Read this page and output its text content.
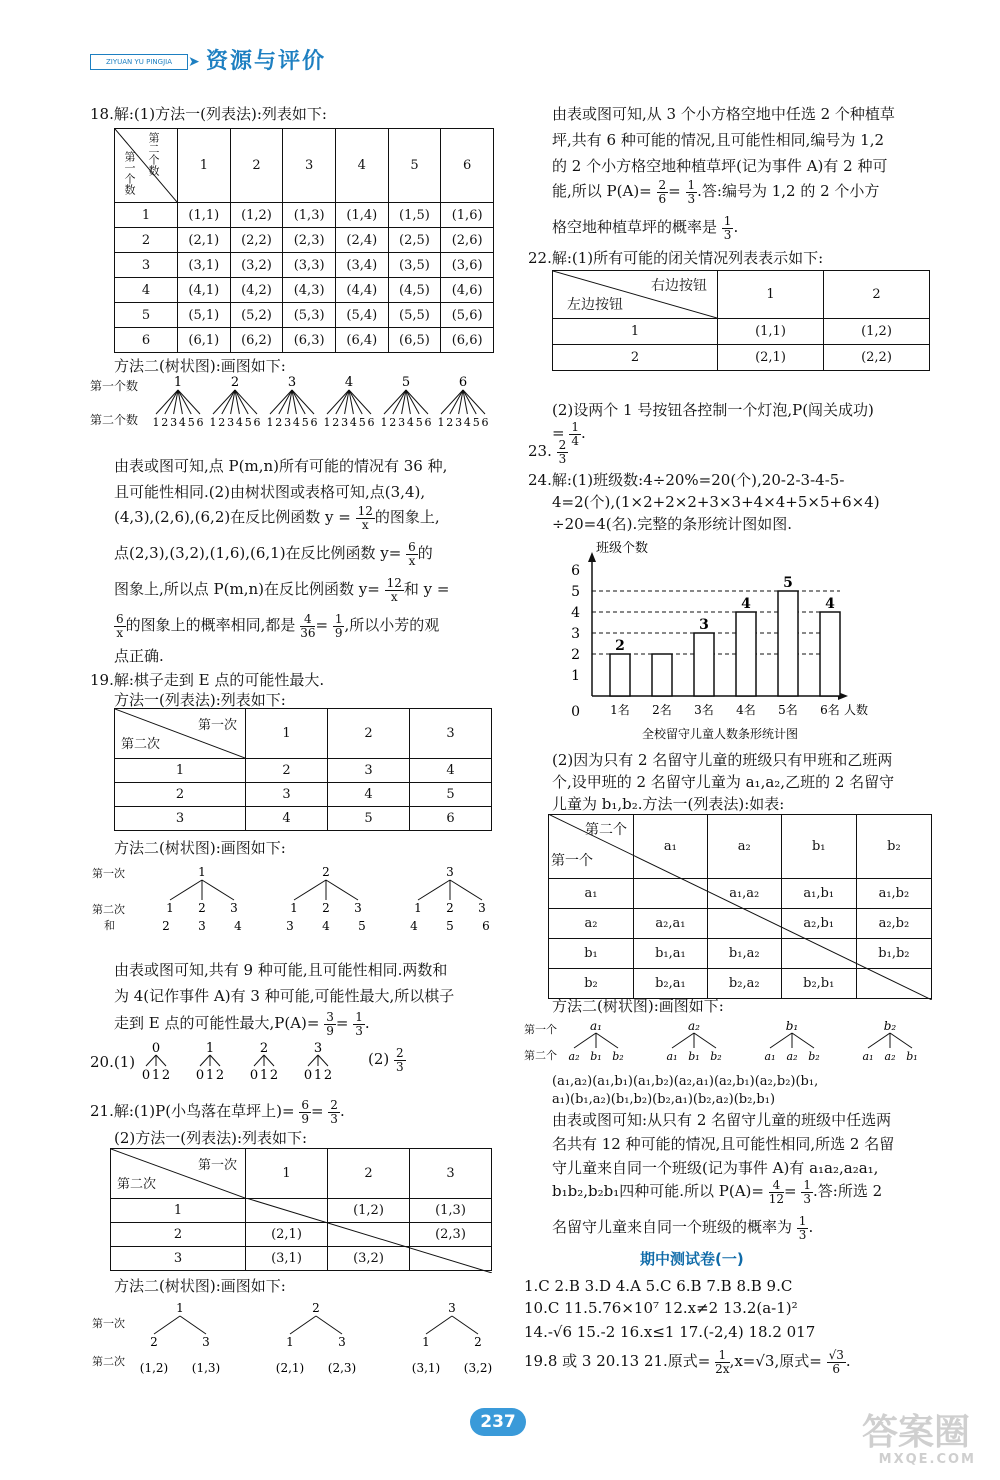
ZIYUAN YU PINGJIA	➤ 资源与评价
18.解:(1)方法一(列表法):列表如下:
第二个数
第一个数	1	2	3	4	5	6
1	(1,1)	(1,2)	(1,3)	(1,4)	(1,5)	(1,6)
2	(2,1)	(2,2)	(2,3)	(2,4)	(2,5)	(2,6)
3	(3,1)	(3,2)	(3,3)	(3,4)	(3,5)	(3,6)
4	(4,1)	(4,2)	(4,3)	(4,4)	(4,5)	(4,6)
5	(5,1)	(5,2)	(5,3)	(5,4)	(5,5)	(5,6)
6	(6,1)	(6,2)	(6,3)	(6,4)	(6,5)	(6,6)
方法二(树状图):画图如下:
第一个数
第二个数
1
1 2 3 4 5 6
2
1 2 3 4 5 6
3
1 2 3 4 5 6
4
1 2 3 4 5 6
5
1 2 3 4 5 6
6
1 2 3 4 5 6
由表或图可知,点 P(m,n)所有可能的情况有 36 种,
且可能性相同.(2)由树状图或表格可知,点(3,4),
(4,3),(2,6),(6,2)在反比例函数 $y = \frac{12}{x}$ 的图象上,
点(2,3),(3,2),(1,6),(6,1)在反比例函数 $y= \frac{6}{x}$ 的
图象上,所以点 P(m,n)在反比例函数 $y= \frac{12}{x}$ 和 y =
$\frac{6}{x}$ 的图象上的概率相同,都是 $\frac{4}{36} = \frac{1}{9}$ ,所以小芳的观
点正确.
19.解:棋子走到 E 点的可能性最大.
方法一(列表法):列表如下:
第一次
第二次	1	2	3
1	2	3	4
2	3	4	5
3	4	5	6
方法二(树状图):画图如下:
第一次
第二次
和
1
1
2
2
3
3
4
2
1
3
2
4
3
5
3
1
4
2
5
3
6
由表或图可知,共有 9 种可能,且可能性相同.两数和
为 4(记作事件 A)有 3 种可能,可能性最大,所以棋子
走到 E 点的可能性最大$,P(A)= \frac{3}{9} = \frac{1}{3}$ .
20.(1)
0
0 1 2
1
0 1 2
2
0 1 2
3
0 1 2
$(2) \frac{2}{3}$
21.解:(1)P(小鸟落在草坪上)= $\frac{6}{9} = \frac{2}{3}$ .
(2)方法一(列表法):列表如下:
第一次
第二次	1	2	3
1		(1,2)	(1,3)
2	(2,1)		(2,3)
3	(3,1)	(3,2)	
方法二(树状图):画图如下:
第一次
第二次
1
2
(1,2)
3
(1,3)
2
1
(2,1)
3
(2,3)
3
1
(3,1)
2
(3,2)
由表或图可知,从 3 个小方格空地中任选 2 个种植草
坪,共有 6 种可能的情况,且可能性相同,编号为 1,2
的 2 个小方格空地种植草坪(记为事件 A)有 2 种可
能,所以 $P(A)= \frac{2}{6} = \frac{1}{3}$ .答:编号为 1,2 的 2 个小方
格空地种植草坪的概率是 $\frac{1}{3}$ .
22.解:(1)所有可能的闭关情况列表表示如下:
右边按钮
左边按钮	1	2
1	(1,1)	(1,2)
2	(2,1)	(2,2)
(2)设两个 1 号按钮各控制一个灯泡,P(闯关成功)
= $\frac{1}{4}$ .
23. $\frac{2}{3}$
24.解:(1)班级数:4÷20%=20(个),20-2-3-4-5-
4=2(个),(1×2+2×2+3×3+4×4+5×5+6×4)
÷20=4(名).完整的条形统计图如图.
班级个数
0
1
2
3
4
5
6
2
1名 2名
3
3名
4
4名
5
5名
4
6名 人数
全校留守儿童人数条形统计图
(2)因为只有 2 名留守儿童的班级只有甲班和乙班两
个,设甲班的 2 名留守儿童为 a₁,a₂,乙班的 2 名留守
儿童为 b₁,b₂.方法一(列表法):如表:
第二个
第一个	a₁	a₂	b₁	b₂
a₁		a₁,a₂	a₁,b₁	a₁,b₂
a₂	a₂,a₁		a₂,b₁	a₂,b₂
b₁	b₁,a₁	b₁,a₂		b₁,b₂
b₂	b₂,a₁	b₂,a₂	b₂,b₁	
方法二(树状图):画图如下:
第一个
第二个
a₁
a₂ b₁ b₂
a₂
a₁ b₁ b₂
b₁
a₁ a₂ b₂
b₂
a₁ a₂ b₁
(a₁,a₂)(a₁,b₁)(a₁,b₂)(a₂,a₁)(a₂,b₁)(a₂,b₂)(b₁,
a₁)(b₁,a₂)(b₁,b₂)(b₂,a₁)(b₂,a₂)(b₂,b₁)
由表或图可知:从只有 2 名留守儿童的班级中任选两
名共有 12 种可能的情况,且可能性相同,所选 2 名留
守儿童来自同一个班级(记为事件 A)有 a₁a₂,a₂a₁,
b₁b₂,b₂b₁四种可能.所以 $P(A)= \frac{4}{12} = \frac{1}{3}$ .答:所选 2
名留守儿童来自同一个班级的概率为 $\frac{1}{3}$ .
期中测试卷(一)
1.C 2.B 3.D 4.A 5.C 6.B 7.B 8.B 9.C
10.C 11.5.76×10⁷ 12.x≠2 13.2(a-1)²
14.-√6 15.-2 16.x≤1 17.(-2,4) 18.2 017
19.8 或 3 20.13 21.原式= $\frac{1}{2x} ,x=√3$,原式= $\frac{√3}{6}$ .
237	答案圈
MXQE.COM
